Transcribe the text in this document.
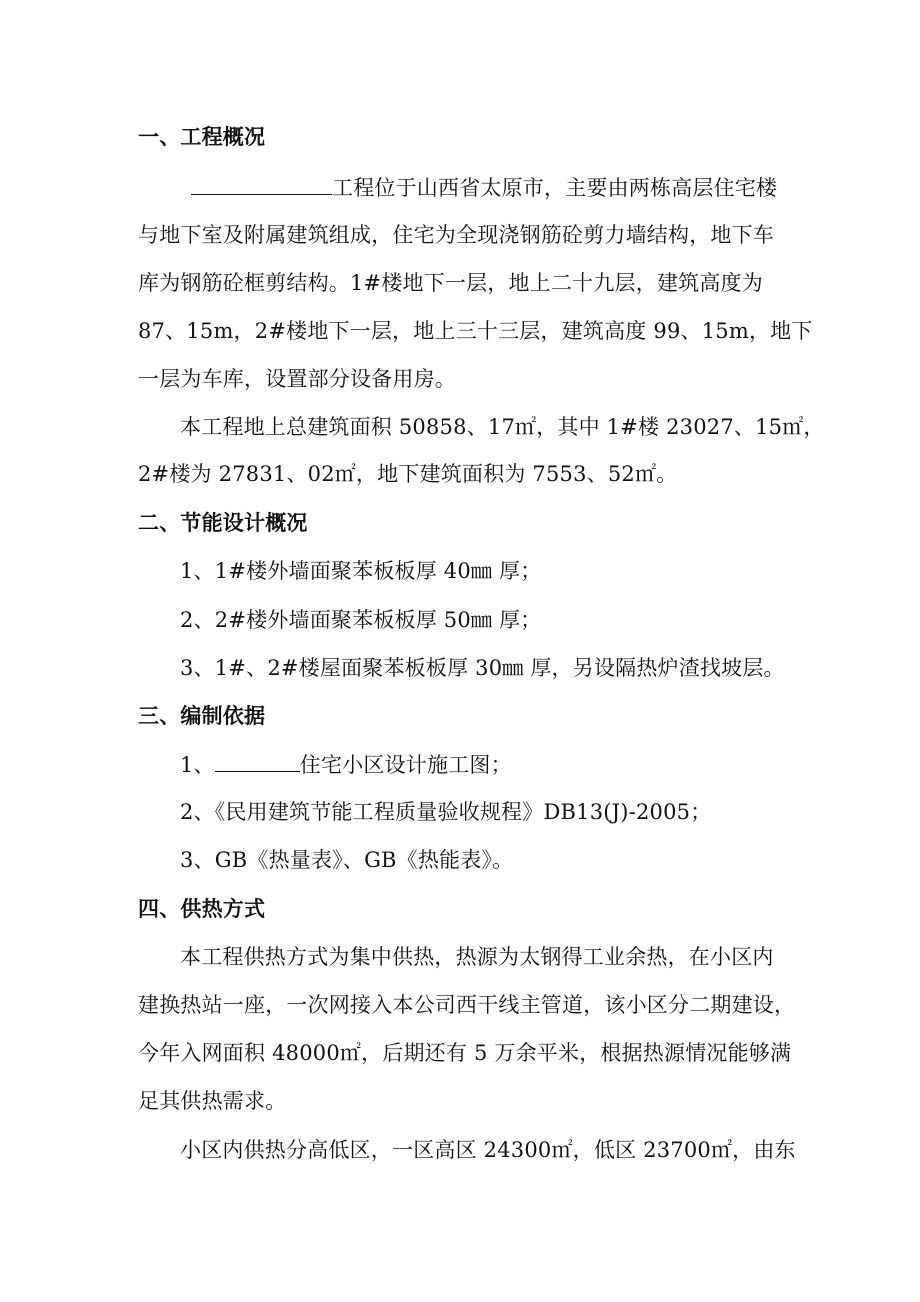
一、工程概况
工程位于山西省太原市，主要由两栋高层住宅楼
与地下室及附属建筑组成，住宅为全现浇钢筋砼剪力墙结构，地下车
库为钢筋砼框剪结构。1#楼地下一层，地上二十九层，建筑高度为
87、15m，2#楼地下一层，地上三十三层，建筑高度 99、15m，地下
一层为车库，设置部分设备用房。
本工程地上总建筑面积 50858、17㎡，其中 1#楼 23027、15㎡，
2#楼为 27831、02㎡，地下建筑面积为 7553、52㎡。
二、节能设计概况
1、1#楼外墙面聚苯板板厚 40㎜ 厚；
2、2#楼外墙面聚苯板板厚 50㎜ 厚；
3、1#、2#楼屋面聚苯板板厚 30㎜ 厚，另设隔热炉渣找坡层。
三、编制依据
1、	住宅小区设计施工图；
2、《民用建筑节能工程质量验收规程》DB13(J)-2005；
3、GB《热量表》、GB《热能表》。
四、供热方式
本工程供热方式为集中供热，热源为太钢得工业余热，在小区内
建换热站一座，一次网接入本公司西干线主管道，该小区分二期建设，
今年入网面积 48000㎡，后期还有 5 万余平米，根据热源情况能够满
足其供热需求。
小区内供热分高低区，一区高区 24300㎡，低区 23700㎡，由东
